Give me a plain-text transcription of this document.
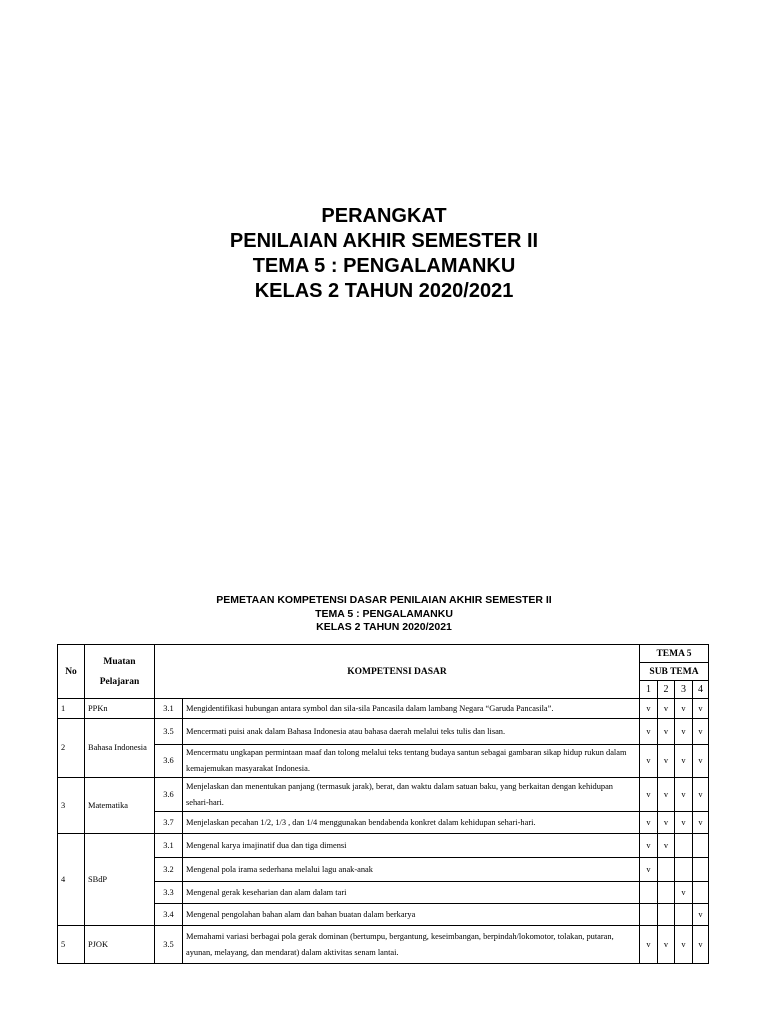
PERANGKAT
PENILAIAN AKHIR SEMESTER II
TEMA 5 : PENGALAMANKU
KELAS 2 TAHUN 2020/2021
PEMETAAN KOMPETENSI DASAR PENILAIAN AKHIR SEMESTER II
TEMA 5 : PENGALAMANKU
KELAS 2 TAHUN 2020/2021
No	Muatan Pelajaran	KOMPETENSI DASAR		TEMA 5			
				SUB TEMA			
				1	2	3	4
1	PPKn	3.1	Mengidentifikasi hubungan antara symbol dan sila-sila Pancasila dalam lambang Negara “Garuda Pancasila”.	v	v	v	v
2	Bahasa Indonesia	3.5	Mencermati puisi anak dalam Bahasa Indonesia atau bahasa daerah melalui teks tulis dan lisan.	v	v	v	v
		3.6	Mencermatu ungkapan permintaan maaf dan tolong melalui teks tentang budaya santun sebagai gambaran sikap hidup rukun dalam kemajemukan masyarakat Indonesia.	v	v	v	v
3	Matematika	3.6	Menjelaskan dan menentukan panjang (termasuk jarak), berat, dan waktu dalam satuan baku, yang berkaitan dengan kehidupan sehari-hari.	v	v	v	v
		3.7	Menjelaskan pecahan 1/2, 1/3 , dan 1/4 menggunakan bendabenda konkret dalam kehidupan sehari-hari.	v	v	v	v
4	SBdP	3.1	Mengenal karya imajinatif dua dan tiga dimensi	v	v		
		3.2	Mengenal pola irama sederhana melalui lagu anak-anak	v			
		3.3	Mengenal gerak keseharian dan alam dalam tari			v	
		3.4	Mengenal pengolahan bahan alam dan bahan buatan dalam berkarya				v
5	PJOK	3.5	Memahami variasi berbagai pola gerak dominan (bertumpu, bergantung, keseimbangan, berpindah/lokomotor, tolakan, putaran, ayunan, melayang, dan mendarat) dalam aktivitas senam lantai.	v	v	v	v
